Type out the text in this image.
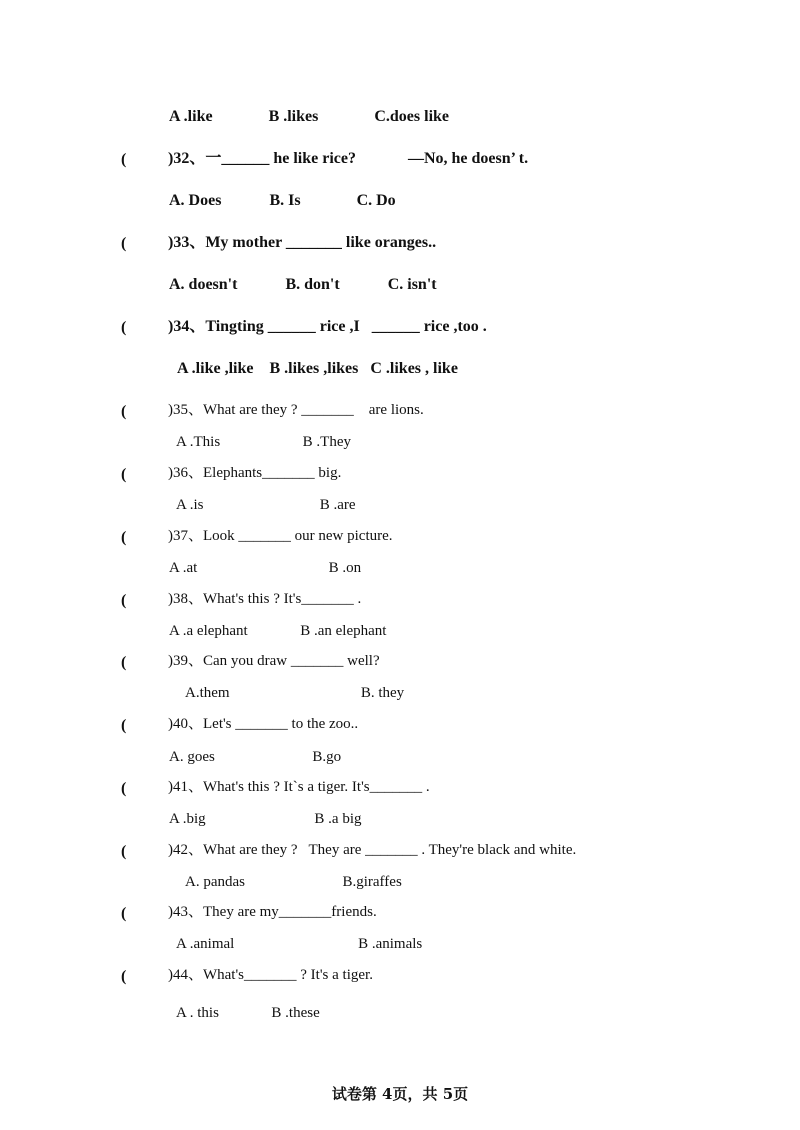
A .like              B .likes              C.does like
(	)32、一______ he like rice?             —No, he doesn’ t.
A. Does            B. Is              C. Do
(	)33、My mother _______ like oranges..
A. doesn't            B. don't            C. isn't
(	)34、Tingting ______ rice ,I   ______ rice ,too .
A .like ,like    B .likes ,likes   C .likes , like
(	)35、What are they ? _______    are lions.
A .This                      B .They
(	)36、Elephants_______ big.
A .is                               B .are
(	)37、Look _______ our new picture.
A .at                                   B .on
(	)38、What's this ? It's_______ .
A .a elephant              B .an elephant
(	)39、Can you draw _______ well?
A.them                                   B. they
(	)40、Let's _______ to the zoo..
A. goes                          B.go
(	)41、What's this ? It`s a tiger. It's_______ .
A .big                             B .a big
(	)42、What are they ?   They are _______ . They're black and white.
A. pandas                          B.giraffes
(	)43、They are my_______friends.
A .animal                                 B .animals
(	)44、What's_______ ? It's a tiger.
A . this              B .these
试卷第 4页，共 5页
